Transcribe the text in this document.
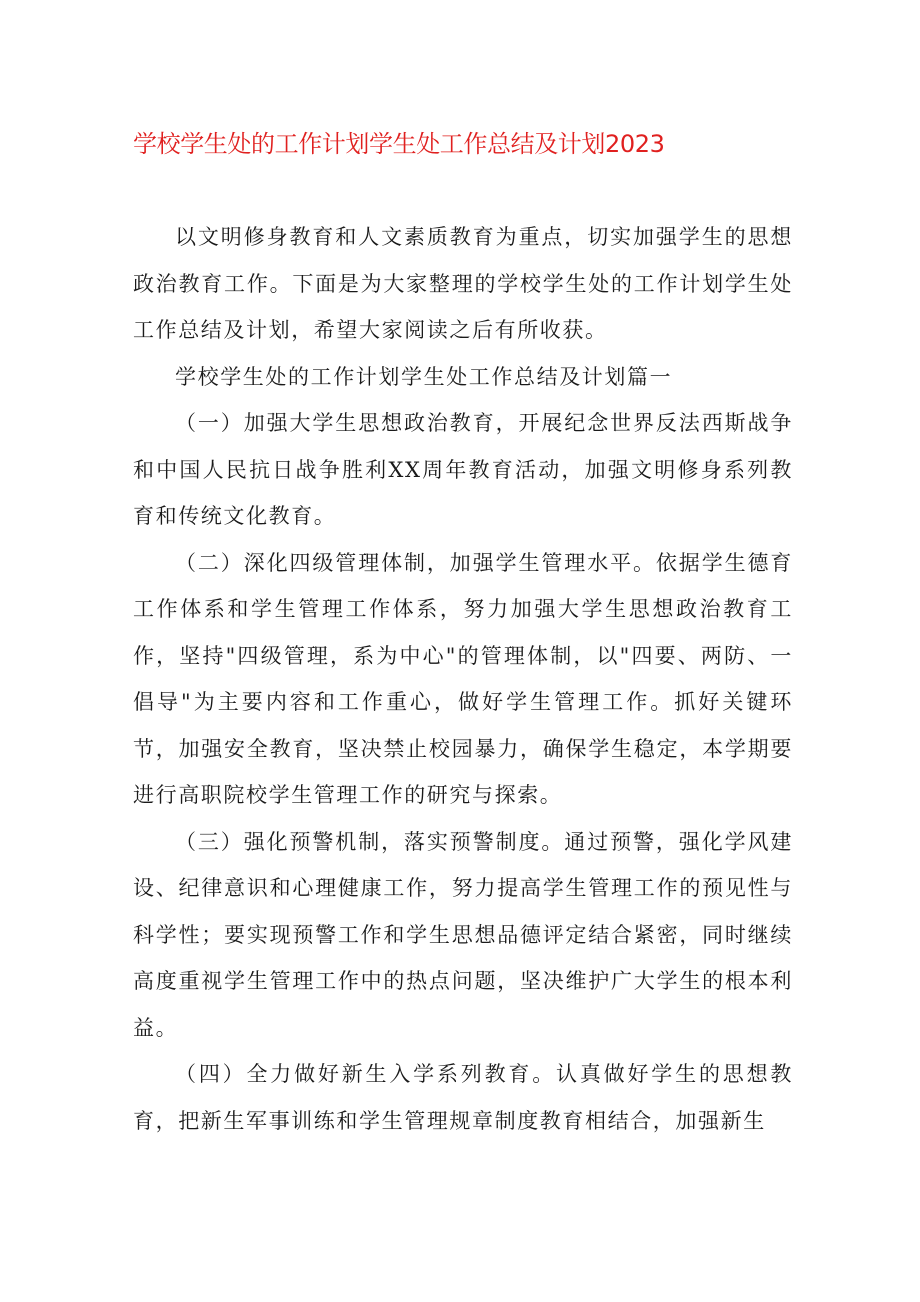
学校学生处的工作计划学生处工作总结及计划2023

以文明修身教育和人文素质教育为重点，切实加强学生的思想政治教育工作。下面是为大家整理的学校学生处的工作计划学生处工作总结及计划，希望大家阅读之后有所收获。

学校学生处的工作计划学生处工作总结及计划篇一

（一）加强大学生思想政治教育，开展纪念世界反法西斯战争和中国人民抗日战争胜利XX周年教育活动，加强文明修身系列教育和传统文化教育。

（二）深化四级管理体制，加强学生管理水平。依据学生德育工作体系和学生管理工作体系，努力加强大学生思想政治教育工作，坚持"四级管理，系为中心"的管理体制，以"四要、两防、一倡导"为主要内容和工作重心，做好学生管理工作。抓好关键环节，加强安全教育，坚决禁止校园暴力，确保学生稳定，本学期要进行高职院校学生管理工作的研究与探索。

（三）强化预警机制，落实预警制度。通过预警，强化学风建设、纪律意识和心理健康工作，努力提高学生管理工作的预见性与科学性；要实现预警工作和学生思想品德评定结合紧密，同时继续高度重视学生管理工作中的热点问题，坚决维护广大学生的根本利益。

（四）全力做好新生入学系列教育。认真做好学生的思想教育，把新生军事训练和学生管理规章制度教育相结合，加强新生
